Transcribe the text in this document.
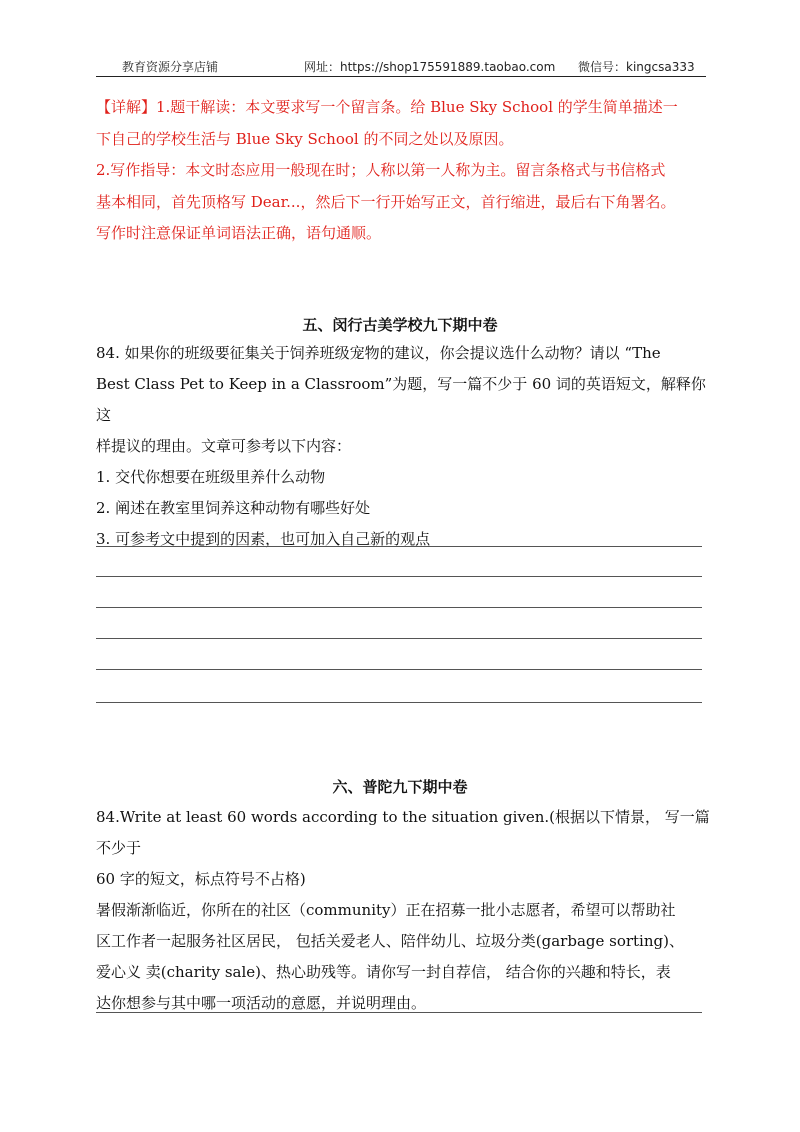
教育资源分享店铺	网址：https://shop175591889.taobao.com 微信号：kingcsa333

【详解】1.题干解读：本文要求写一个留言条。给 Blue Sky School 的学生简单描述一

下自己的学校生活与 Blue Sky School 的不同之处以及原因。

2.写作指导：本文时态应用一般现在时；人称以第一人称为主。留言条格式与书信格式

基本相同，首先顶格写 Dear...，然后下一行开始写正文，首行缩进，最后右下角署名。

写作时注意保证单词语法正确，语句通顺。

五、闵行古美学校九下期中卷

84. 如果你的班级要征集关于饲养班级宠物的建议，你会提议选什么动物？请以 “The

Best Class Pet to Keep in a Classroom”为题，写一篇不少于 60 词的英语短文，解释你这

样提议的理由。文章可参考以下内容：

1. 交代你想要在班级里养什么动物

2. 阐述在教室里饲养这种动物有哪些好处

3. 可参考文中提到的因素，也可加入自己新的观点

六、普陀九下期中卷

84.Write at least 60 words according to the situation given.(根据以下情景， 写一篇不少于

60 字的短文，标点符号不占格)

暑假渐渐临近，你所在的社区（community）正在招募一批小志愿者，希望可以帮助社

区工作者一起服务社区居民， 包括关爱老人、陪伴幼儿、垃圾分类(garbage sorting)、

爱心义 卖(charity sale)、热心助残等。请你写一封自荐信， 结合你的兴趣和特长，表

达你想参与其中哪一项活动的意愿，并说明理由。
